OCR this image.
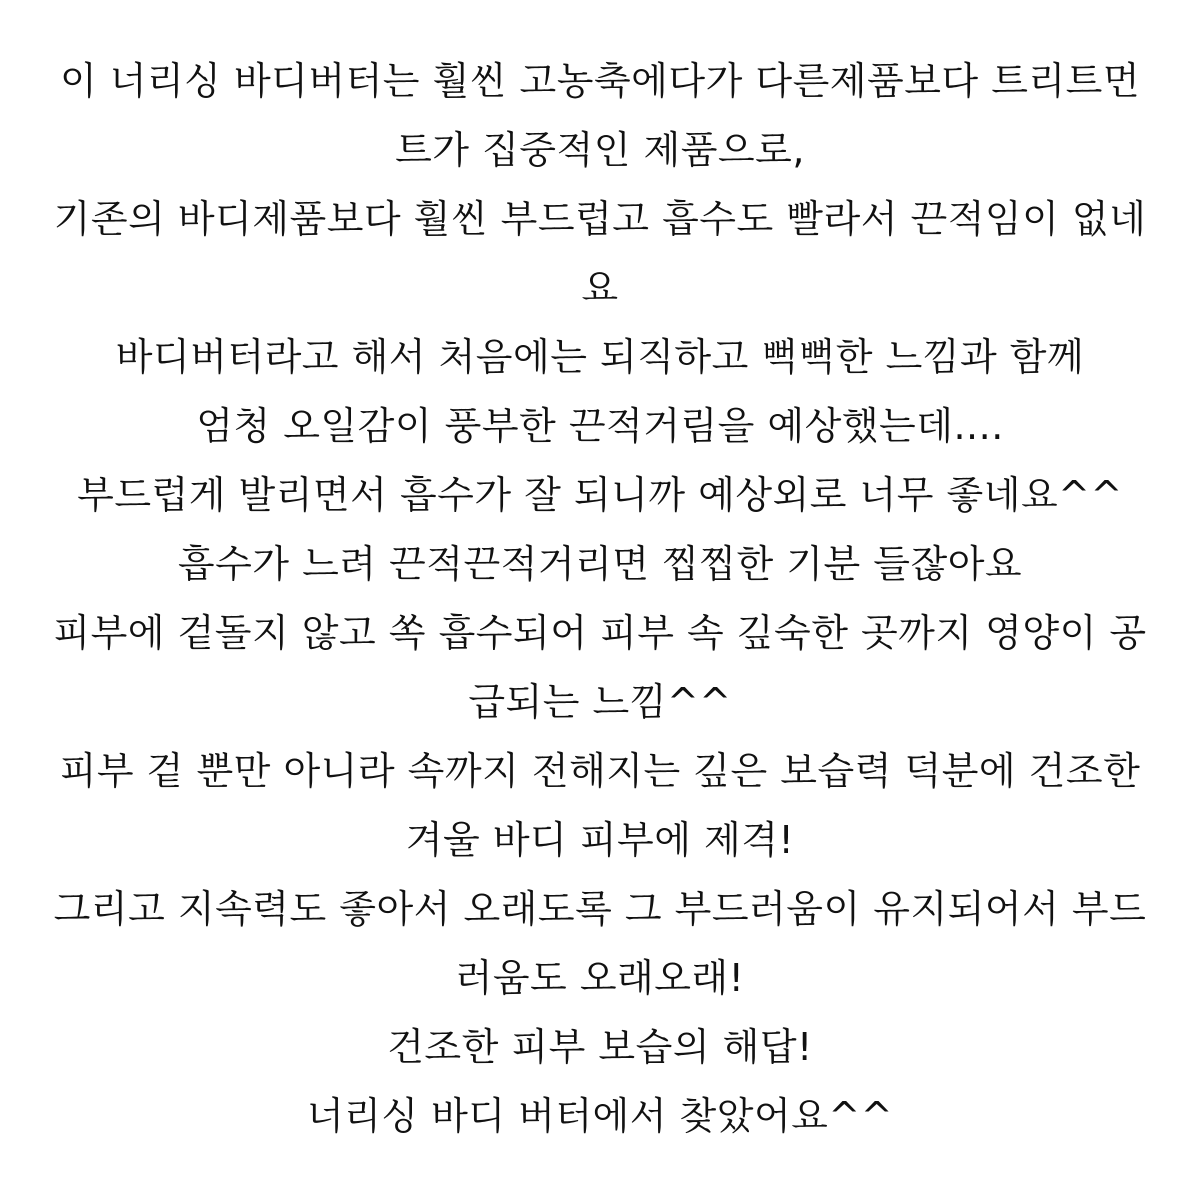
이 너리싱 바디버터는 훨씬 고농축에다가 다른제품보다 트리트먼
트가 집중적인 제품으로,
기존의 바디제품보다 훨씬 부드럽고 흡수도 빨라서 끈적임이 없네
요
바디버터라고 해서 처음에는 되직하고 뻑뻑한 느낌과 함께
엄청 오일감이 풍부한 끈적거림을 예상했는데....
부드럽게 발리면서 흡수가 잘 되니까 예상외로 너무 좋네요^^
흡수가 느려 끈적끈적거리면 찝찝한 기분 들잖아요
피부에 겉돌지 않고 쏙 흡수되어 피부 속 깊숙한 곳까지 영양이 공
급되는 느낌^^
피부 겉 뿐만 아니라 속까지 전해지는 깊은 보습력 덕분에 건조한
겨울 바디 피부에 제격!
그리고 지속력도 좋아서 오래도록 그 부드러움이 유지되어서 부드
러움도 오래오래!
건조한 피부 보습의 해답!
너리싱 바디 버터에서 찾았어요^^
